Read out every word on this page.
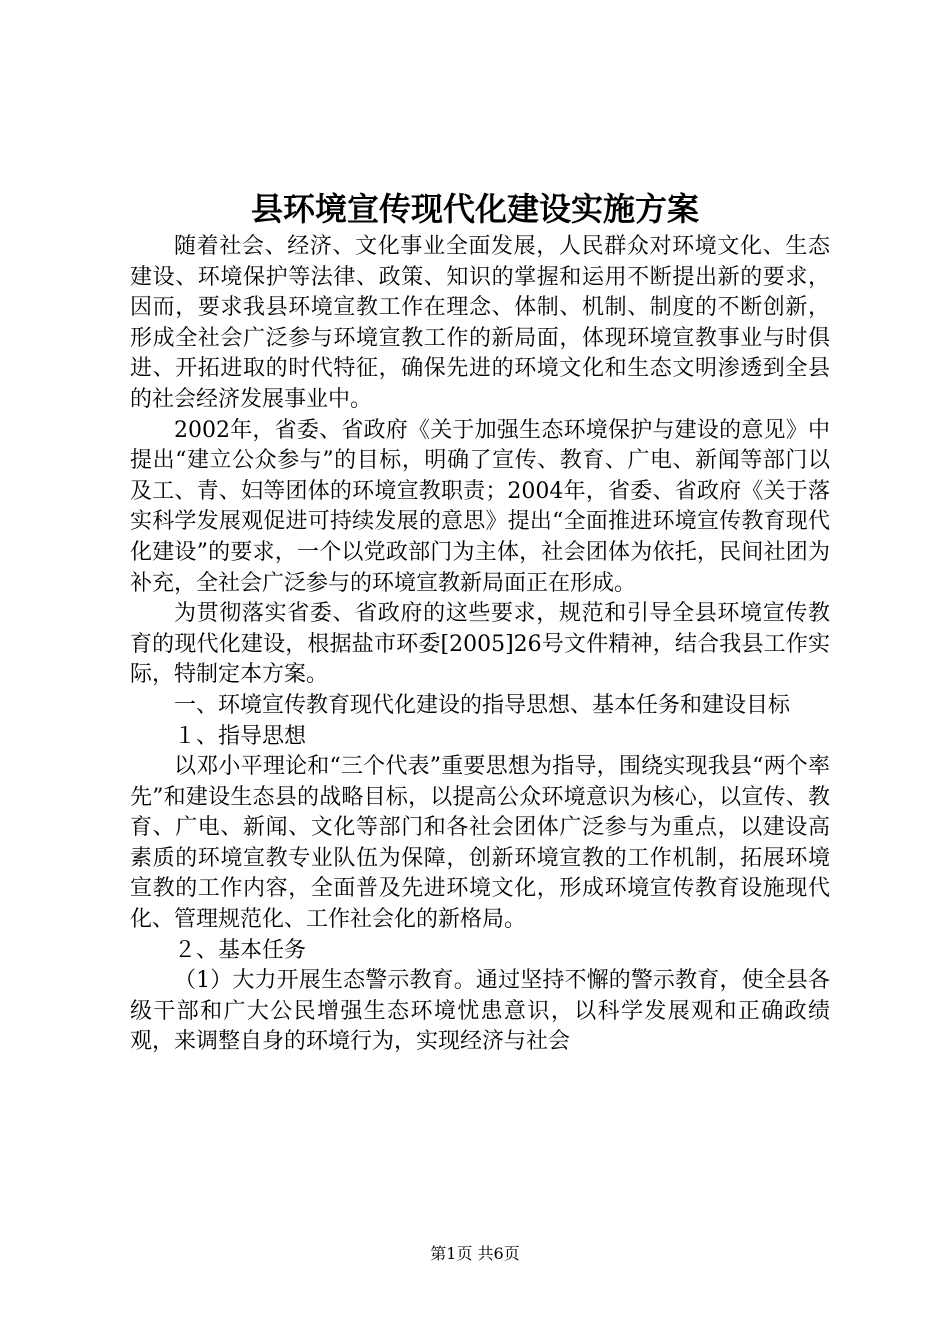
县环境宣传现代化建设实施方案

随着社会、经济、文化事业全面发展，人民群众对环境文化、生态建设、环境保护等法律、政策、知识的掌握和运用不断提出新的要求，因而，要求我县环境宣教工作在理念、体制、机制、制度的不断创新，形成全社会广泛参与环境宣教工作的新局面，体现环境宣教事业与时俱进、开拓进取的时代特征，确保先进的环境文化和生态文明渗透到全县的社会经济发展事业中。

2002年，省委、省政府《关于加强生态环境保护与建设的意见》中提出“建立公众参与”的目标，明确了宣传、教育、广电、新闻等部门以及工、青、妇等团体的环境宣教职责；2004年，省委、省政府《关于落实科学发展观促进可持续发展的意思》提出“全面推进环境宣传教育现代化建设”的要求，一个以党政部门为主体，社会团体为依托，民间社团为补充，全社会广泛参与的环境宣教新局面正在形成。

为贯彻落实省委、省政府的这些要求，规范和引导全县环境宣传教育的现代化建设，根据盐市环委[2005]26号文件精神，结合我县工作实际，特制定本方案。

一、环境宣传教育现代化建设的指导思想、基本任务和建设目标

１、指导思想

以邓小平理论和“三个代表”重要思想为指导，围绕实现我县“两个率先”和建设生态县的战略目标，以提高公众环境意识为核心，以宣传、教育、广电、新闻、文化等部门和各社会团体广泛参与为重点，以建设高素质的环境宣教专业队伍为保障，创新环境宣教的工作机制，拓展环境宣教的工作内容，全面普及先进环境文化，形成环境宣传教育设施现代化、管理规范化、工作社会化的新格局。

２、基本任务

（1）大力开展生态警示教育。通过坚持不懈的警示教育，使全县各级干部和广大公民增强生态环境忧患意识，以科学发展观和正确政绩观，来调整自身的环境行为，实现经济与社会

第1页 共6页
